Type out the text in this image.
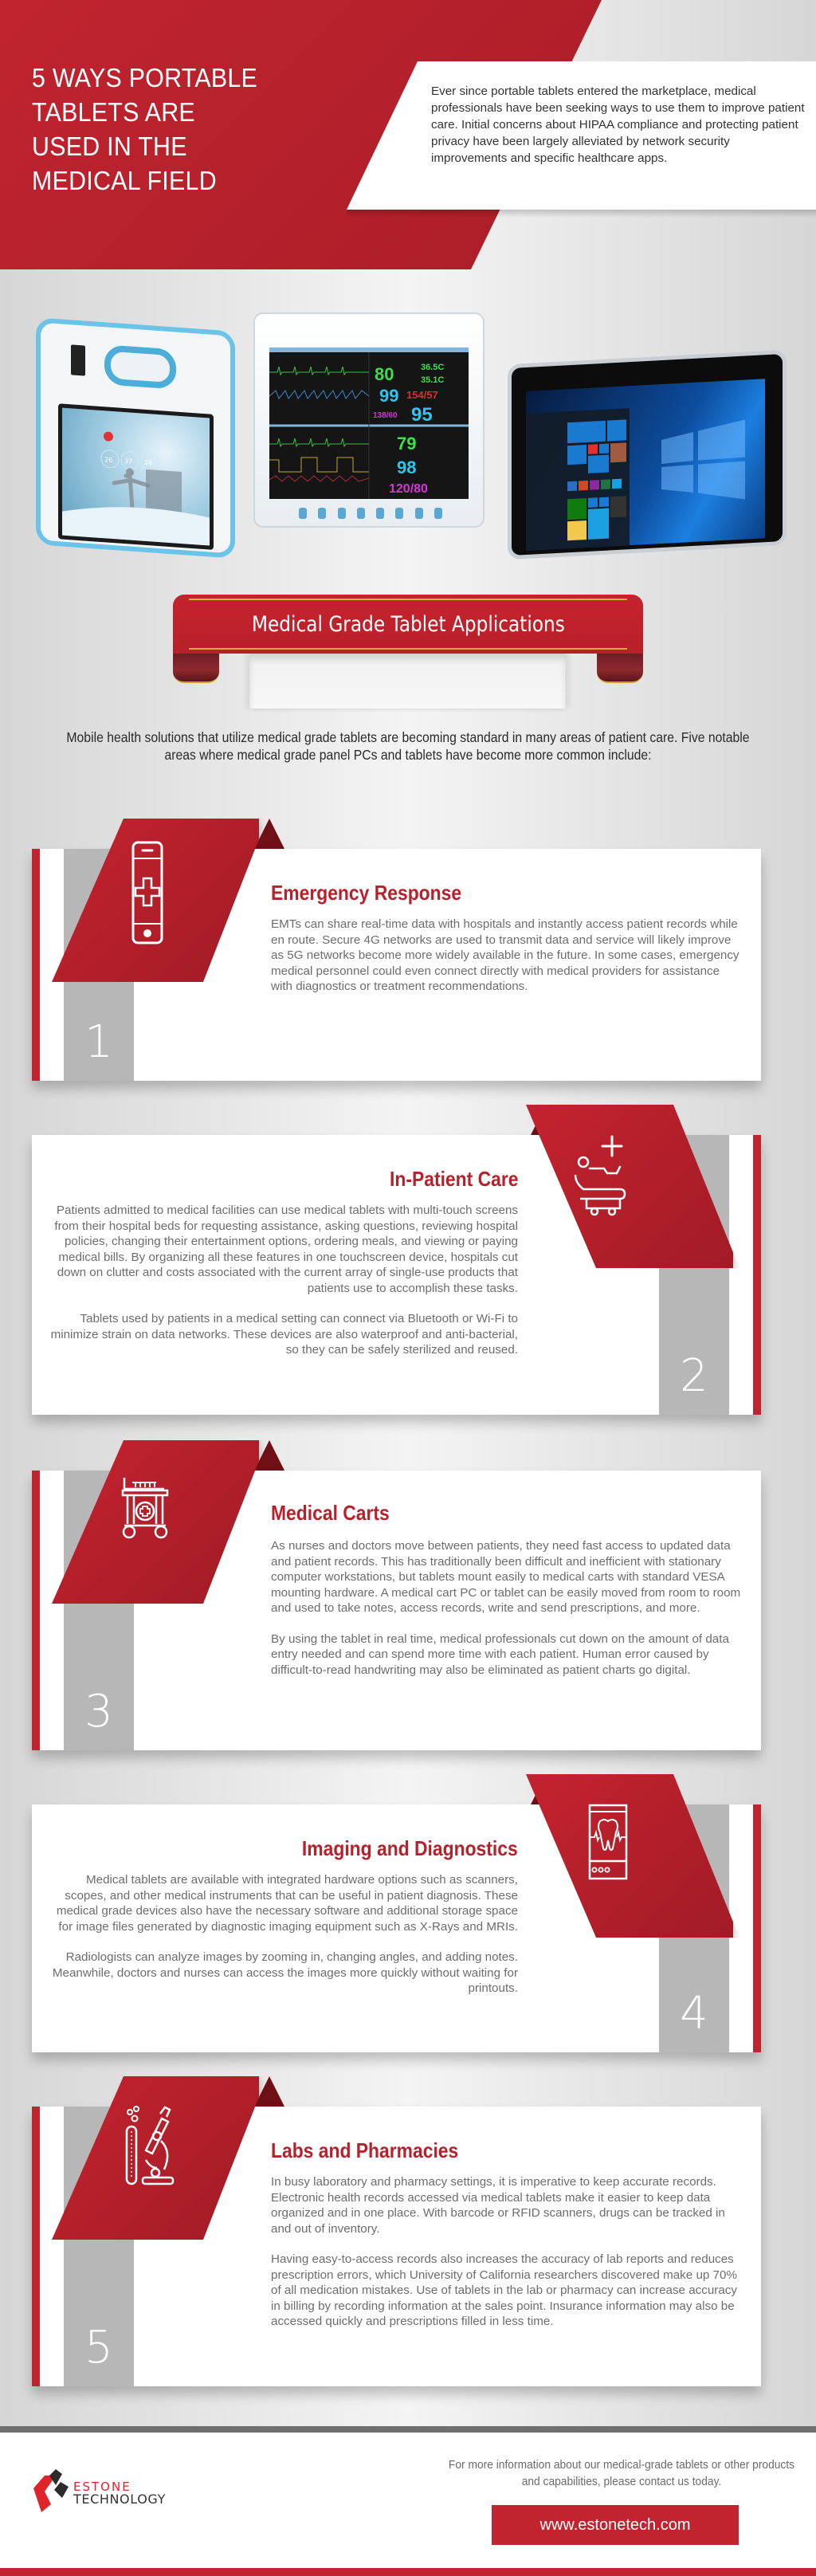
5 WAYS PORTABLE
TABLETS ARE
USED IN THE
MEDICAL FIELD

Ever since portable tablets entered the marketplace, medical professionals have been seeking ways to use them to improve patient care. Initial concerns about HIPAA compliance and protecting patient privacy have been largely alleviated by network security improvements and specific healthcare apps.

26 37 26
80	36.5C
35.1C
99 154/57
138/60 95
79
98
120/80
Medical Grade Tablet Applications

Mobile health solutions that utilize medical grade tablets are becoming standard in many areas of patient care. Five notable areas where medical grade panel PCs and tablets have become more common include:

1
Emergency Response

EMTs can share real-time data with hospitals and instantly access patient records while en route. Secure 4G networks are used to transmit data and service will likely improve as 5G networks become more widely available in the future. In some cases, emergency medical personnel could even connect directly with medical providers for assistance with diagnostics or treatment recommendations.

2
In-Patient Care

Patients admitted to medical facilities can use medical tablets with multi-touch screens from their hospital beds for requesting assistance, asking questions, reviewing hospital policies, changing their entertainment options, ordering meals, and viewing or paying medical bills. By organizing all these features in one touchscreen device, hospitals cut down on clutter and costs associated with the current array of single-use products that patients use to accomplish these tasks.

Tablets used by patients in a medical setting can connect via Bluetooth or Wi-Fi to minimize strain on data networks. These devices are also waterproof and anti-bacterial, so they can be safely sterilized and reused.

3
Medical Carts

As nurses and doctors move between patients, they need fast access to updated data and patient records. This has traditionally been difficult and inefficient with stationary computer workstations, but tablets mount easily to medical carts with standard VESA mounting hardware. A medical cart PC or tablet can be easily moved from room to room and used to take notes, access records, write and send prescriptions, and more.

By using the tablet in real time, medical professionals cut down on the amount of data entry needed and can spend more time with each patient. Human error caused by difficult-to-read handwriting may also be eliminated as patient charts go digital.

4
Imaging and Diagnostics

Medical tablets are available with integrated hardware options such as scanners, scopes, and other medical instruments that can be useful in patient diagnosis. These medical grade devices also have the necessary software and additional storage space for image files generated by diagnostic imaging equipment such as X-Rays and MRIs.

Radiologists can analyze images by zooming in, changing angles, and adding notes. Meanwhile, doctors and nurses can access the images more quickly without waiting for printouts.

5
Labs and Pharmacies

In busy laboratory and pharmacy settings, it is imperative to keep accurate records. Electronic health records accessed via medical tablets make it easier to keep data organized and in one place. With barcode or RFID scanners, drugs can be tracked in and out of inventory.

Having easy-to-access records also increases the accuracy of lab reports and reduces prescription errors, which University of California researchers discovered make up 70% of all medication mistakes. Use of tablets in the lab or pharmacy can increase accuracy in billing by recording information at the sales point. Insurance information may also be accessed quickly and prescriptions filled in less time.

ESTONE
TECHNOLOGY

For more information about our medical-grade tablets or other products and capabilities, please contact us today.

www.estonetech.com
